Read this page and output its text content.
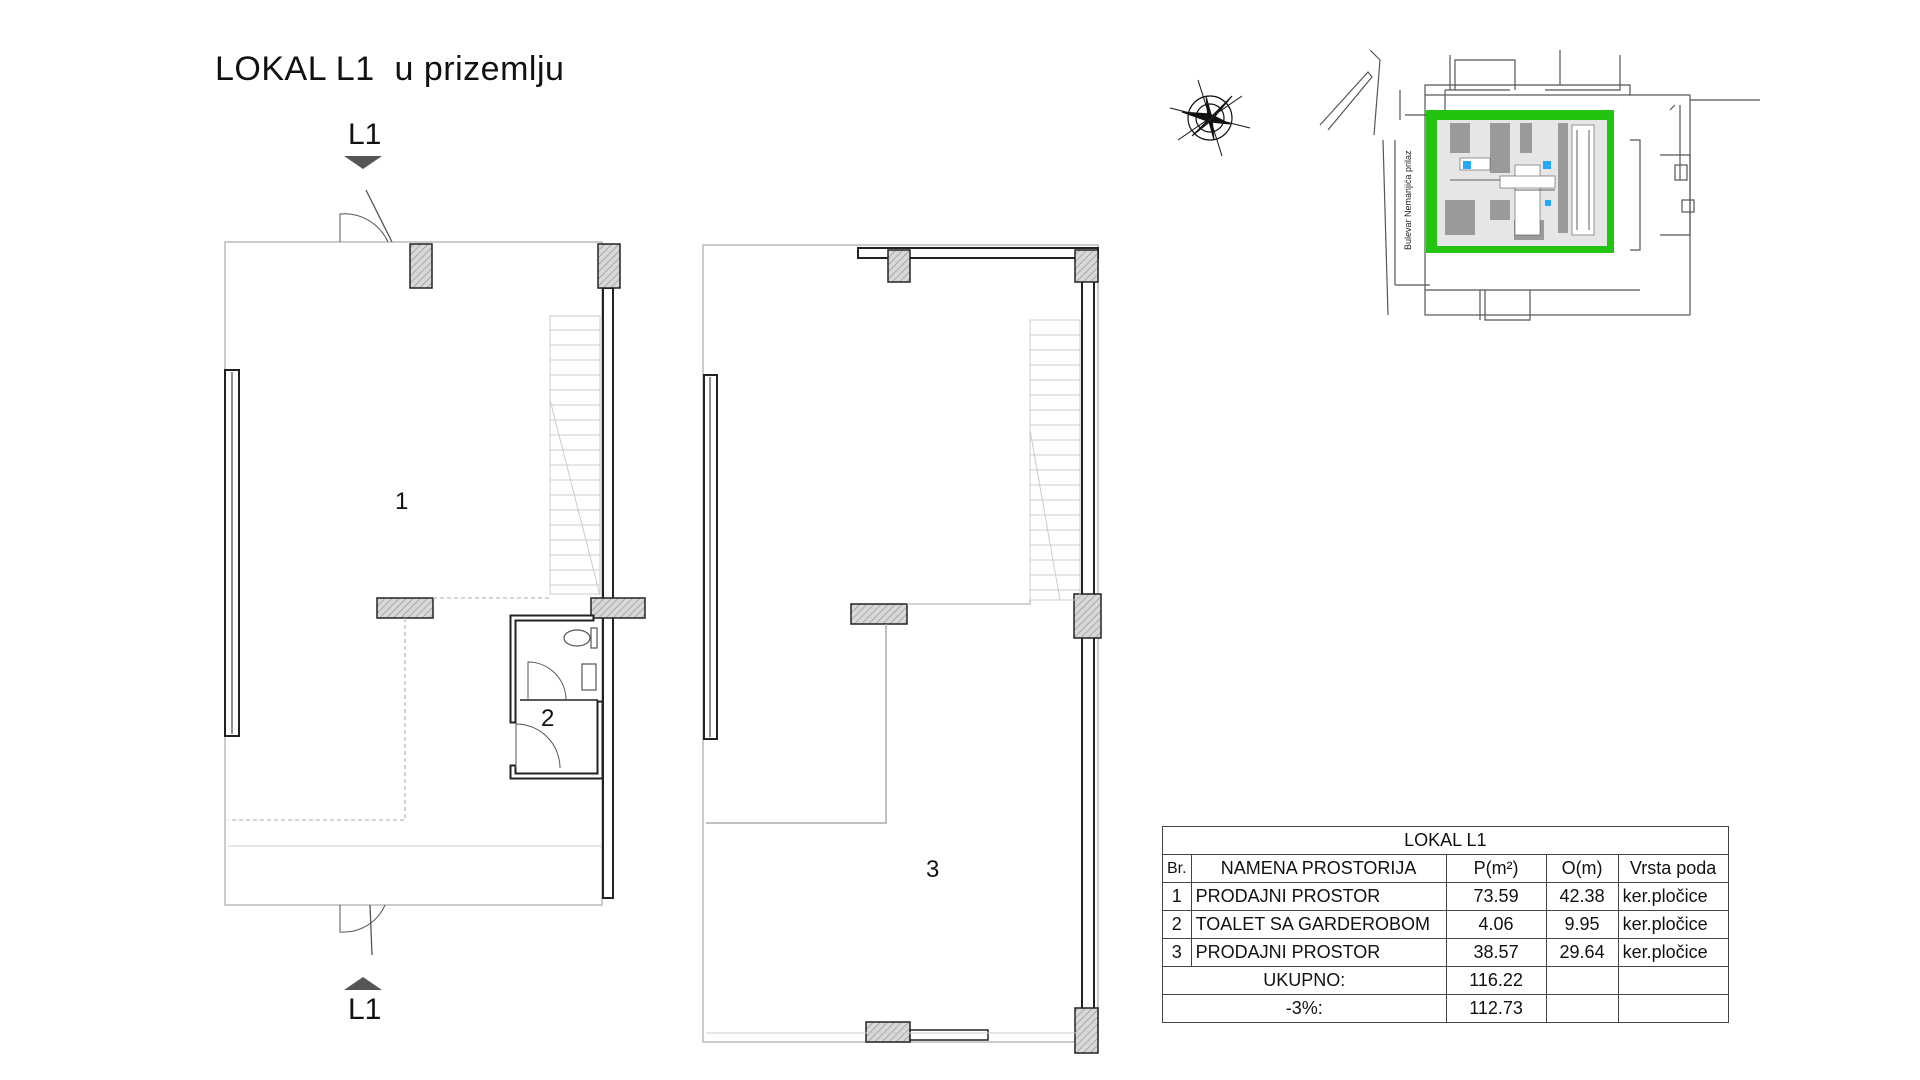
LOKAL L1  u prizemlju
1
2
3
L1
L1
Bulevar Nemanjića prilaz
LOKAL L1				
Br.	NAMENA PROSTORIJA	P(m²)	O(m)	Vrsta poda
1	PRODAJNI PROSTOR	73.59	42.38	ker.pločice
2	TOALET SA GARDEROBOM	4.06	9.95	ker.pločice
3	PRODAJNI PROSTOR	38.57	29.64	ker.pločice
UKUPNO:		116.22		
-3%:		112.73		
